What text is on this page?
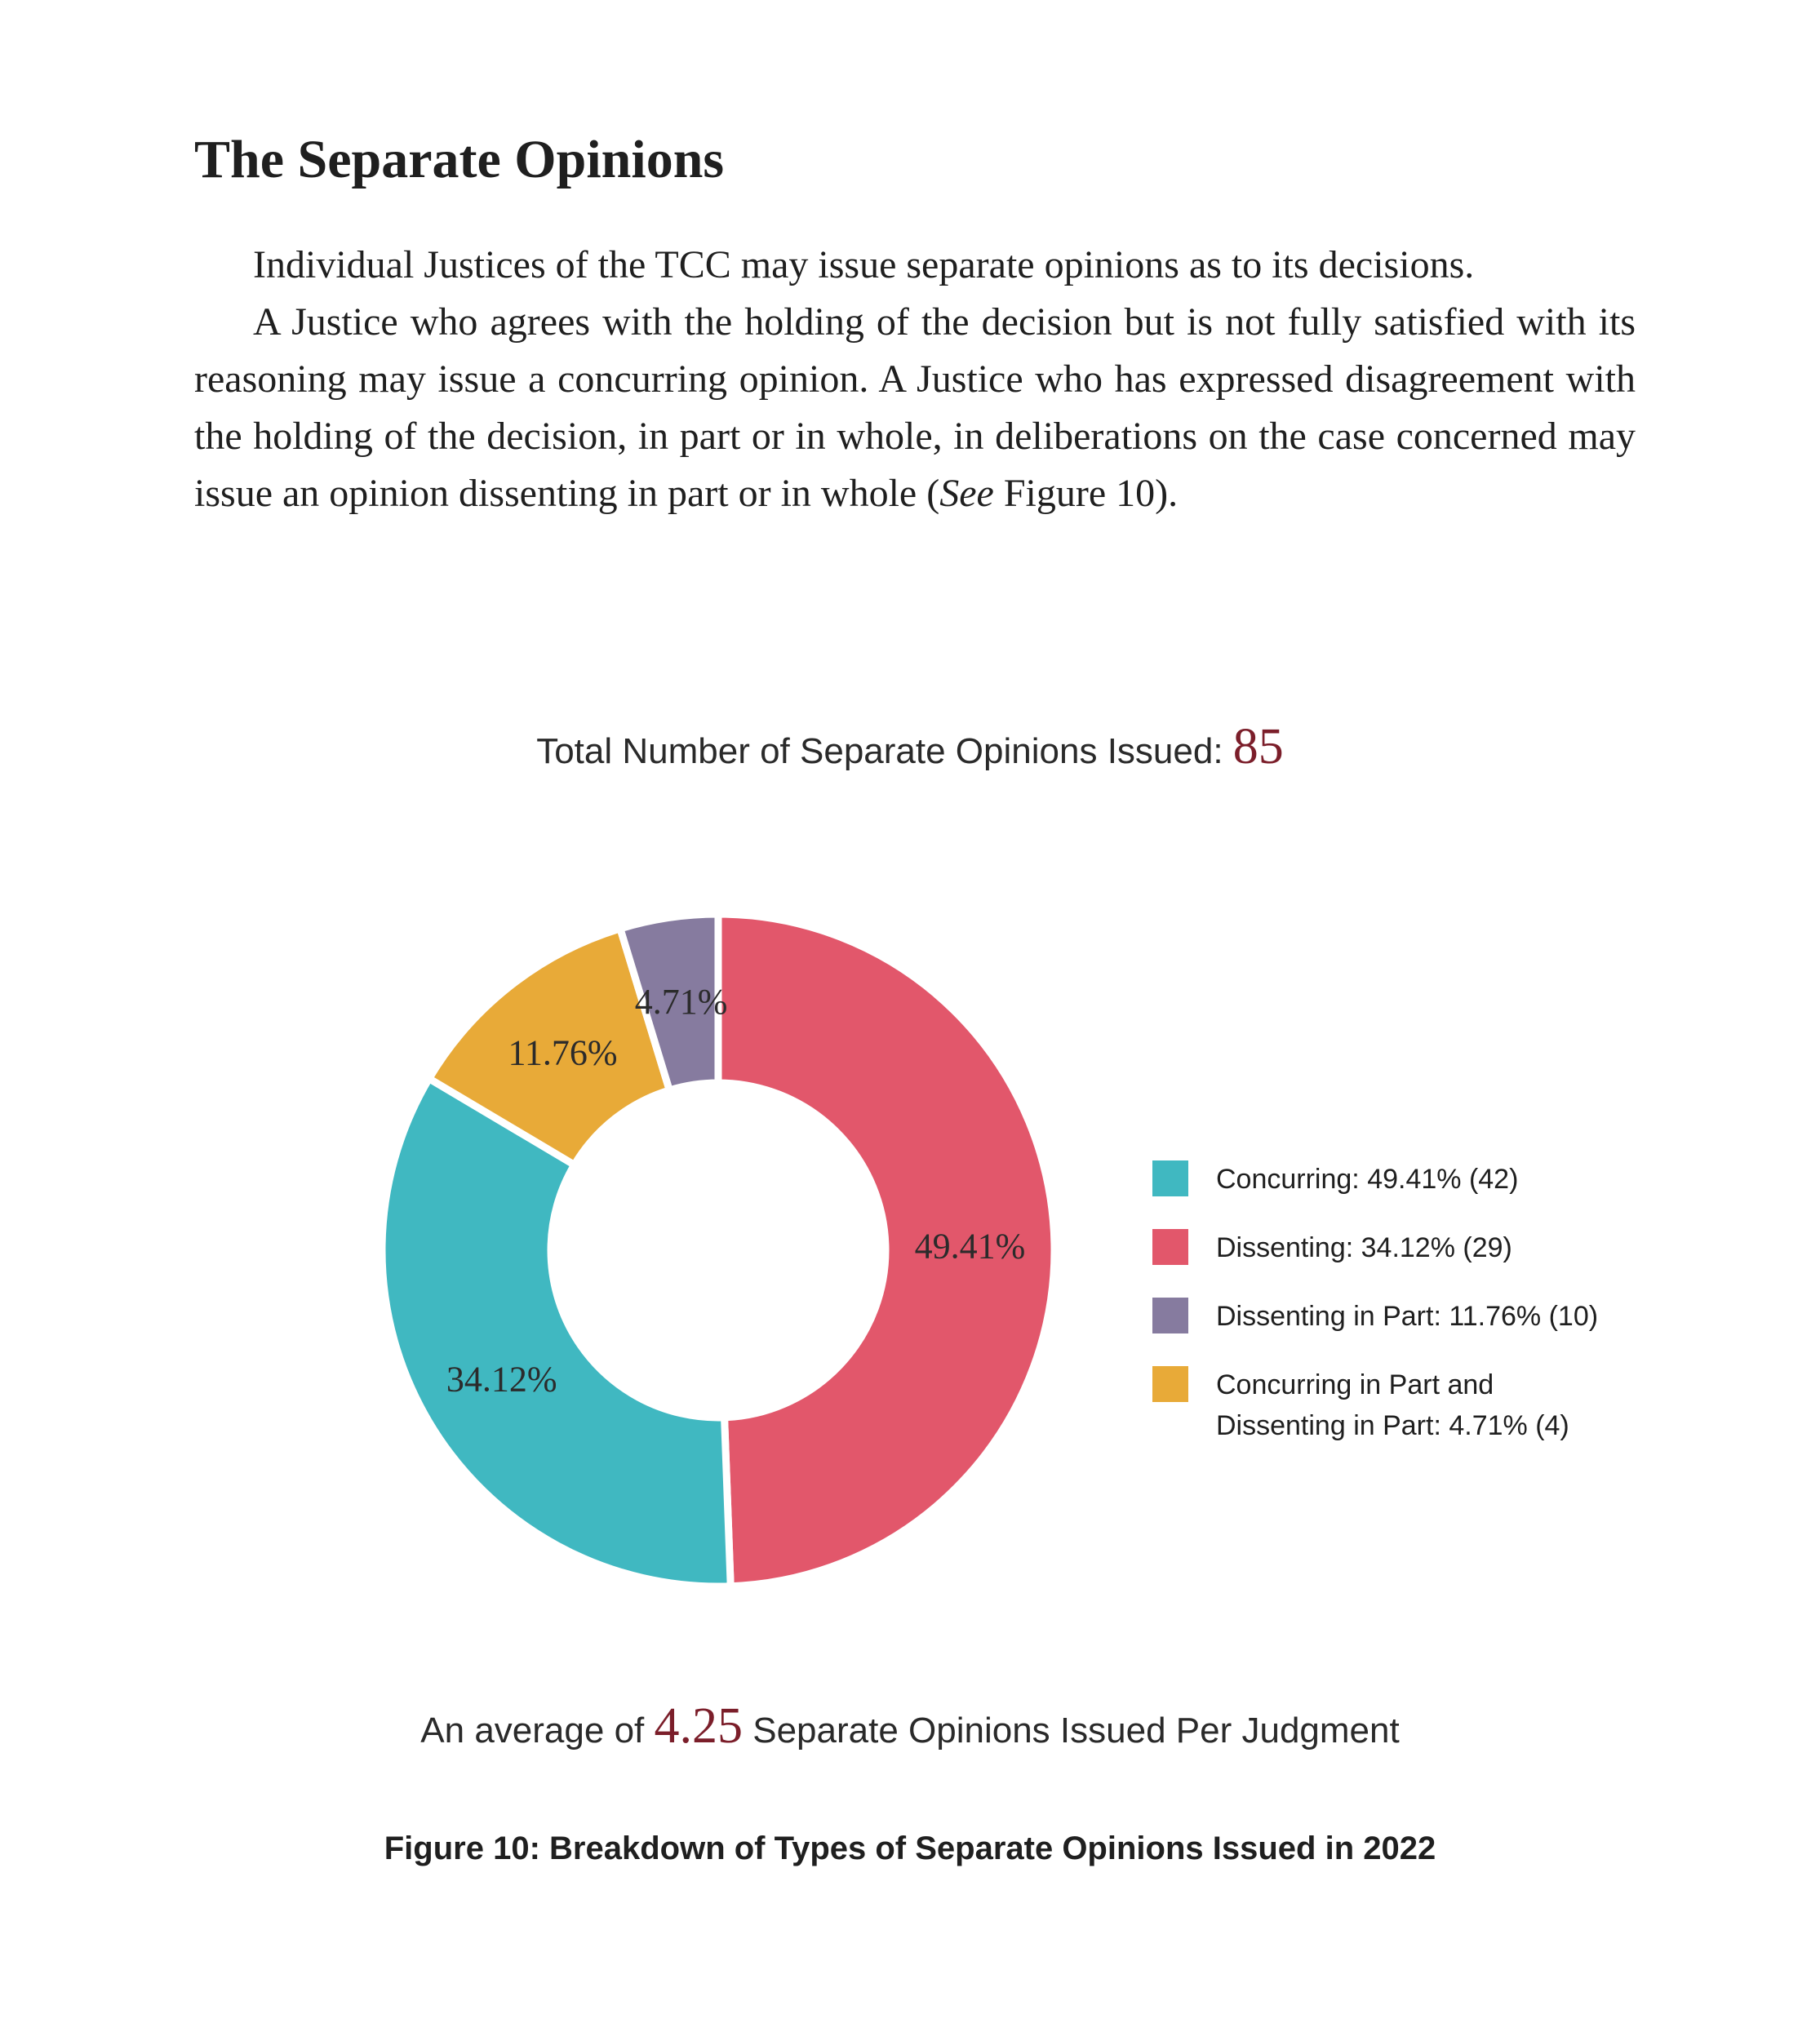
The Separate Opinions

Individual Justices of the TCC may issue separate opinions as to its decisions.

A Justice who agrees with the holding of the decision but is not fully satisfied with its reasoning may issue a concurring opinion. A Justice who has expressed disagreement with the holding of the decision, in part or in whole, in deliberations on the case concerned may issue an opinion dissenting in part or in whole (See Figure 10).

Total Number of Separate Opinions Issued: 85
49.41%
34.12%
11.76%
4.71%
Concurring: 49.41% (42)
Dissenting: 34.12% (29)
Dissenting in Part: 11.76% (10)
Concurring in Part and
Dissenting in Part: 4.71% (4)
An average of 4.25 Separate Opinions Issued Per Judgment
Figure 10: Breakdown of Types of Separate Opinions Issued in 2022
